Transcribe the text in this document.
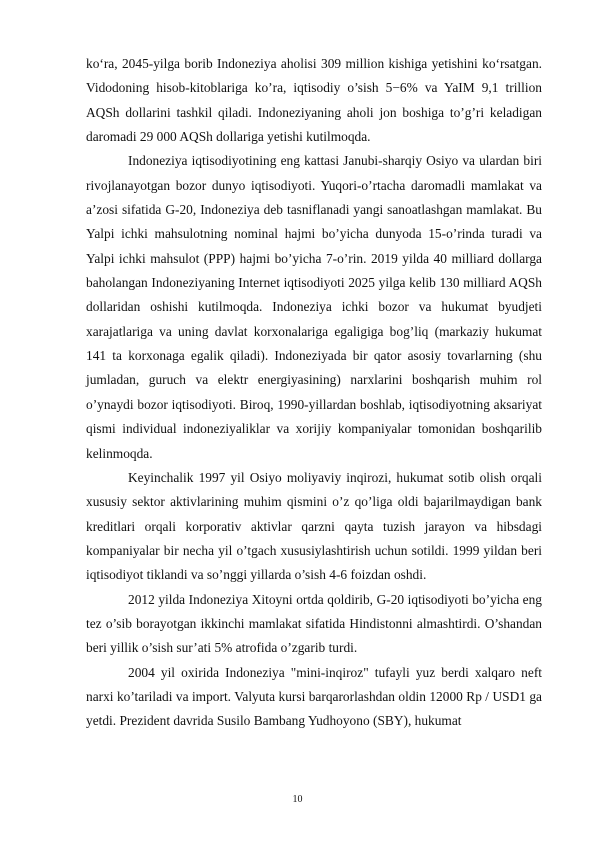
ko‘ra, 2045-yilga borib Indoneziya aholisi 309 million kishiga yetishini ko‘rsatgan. Vidodoning hisob-kitoblariga ko’ra, iqtisodiy o’sish 5−6% va YaIM 9,1 trillion AQSh dollarini tashkil qiladi. Indoneziyaning aholi jon boshiga to’g’ri keladigan daromadi 29 000 AQSh dollariga yetishi kutilmoqda.

Indoneziya iqtisodiyotining eng kattasi Janubi-sharqiy Osiyo va ulardan biri rivojlanayotgan bozor dunyo iqtisodiyoti. Yuqori-o’rtacha daromadli mamlakat va a’zosi sifatida G-20, Indoneziya deb tasniflanadi yangi sanoatlashgan mamlakat. Bu Yalpi ichki mahsulotning nominal hajmi bo’yicha dunyoda 15-o’rinda turadi va Yalpi ichki mahsulot (PPP) hajmi bo’yicha 7-o’rin. 2019 yilda 40 milliard dollarga baholangan Indoneziyaning Internet iqtisodiyoti 2025 yilga kelib 130 milliard AQSh dollaridan oshishi kutilmoqda. Indoneziya ichki bozor va hukumat byudjeti xarajatlariga va uning davlat korxonalariga egaligiga bog’liq (markaziy hukumat 141 ta korxonaga egalik qiladi). Indoneziyada bir qator asosiy tovarlarning (shu jumladan, guruch va elektr energiyasining) narxlarini boshqarish muhim rol o’ynaydi bozor iqtisodiyoti. Biroq, 1990-yillardan boshlab, iqtisodiyotning aksariyat qismi individual indoneziyaliklar va xorijiy kompaniyalar tomonidan boshqarilib kelinmoqda.

Keyinchalik 1997 yil Osiyo moliyaviy inqirozi, hukumat sotib olish orqali xususiy sektor aktivlarining muhim qismini o’z qo’liga oldi bajarilmaydigan bank kreditlari orqali korporativ aktivlar qarzni qayta tuzish jarayon va hibsdagi kompaniyalar bir necha yil o’tgach xususiylashtirish uchun sotildi. 1999 yildan beri iqtisodiyot tiklandi va so’nggi yillarda o’sish 4-6 foizdan oshdi.

2012 yilda Indoneziya Xitoyni ortda qoldirib, G-20 iqtisodiyoti bo’yicha eng tez o’sib borayotgan ikkinchi mamlakat sifatida Hindistonni almashtirdi. O’shandan beri yillik o’sish sur’ati 5% atrofida o’zgarib turdi.

2004 yil oxirida Indoneziya "mini-inqiroz" tufayli yuz berdi xalqaro neft narxi ko’tariladi va import. Valyuta kursi barqarorlashdan oldin 12000 Rp / USD1 ga yetdi. Prezident davrida Susilo Bambang Yudhoyono (SBY), hukumat

10
